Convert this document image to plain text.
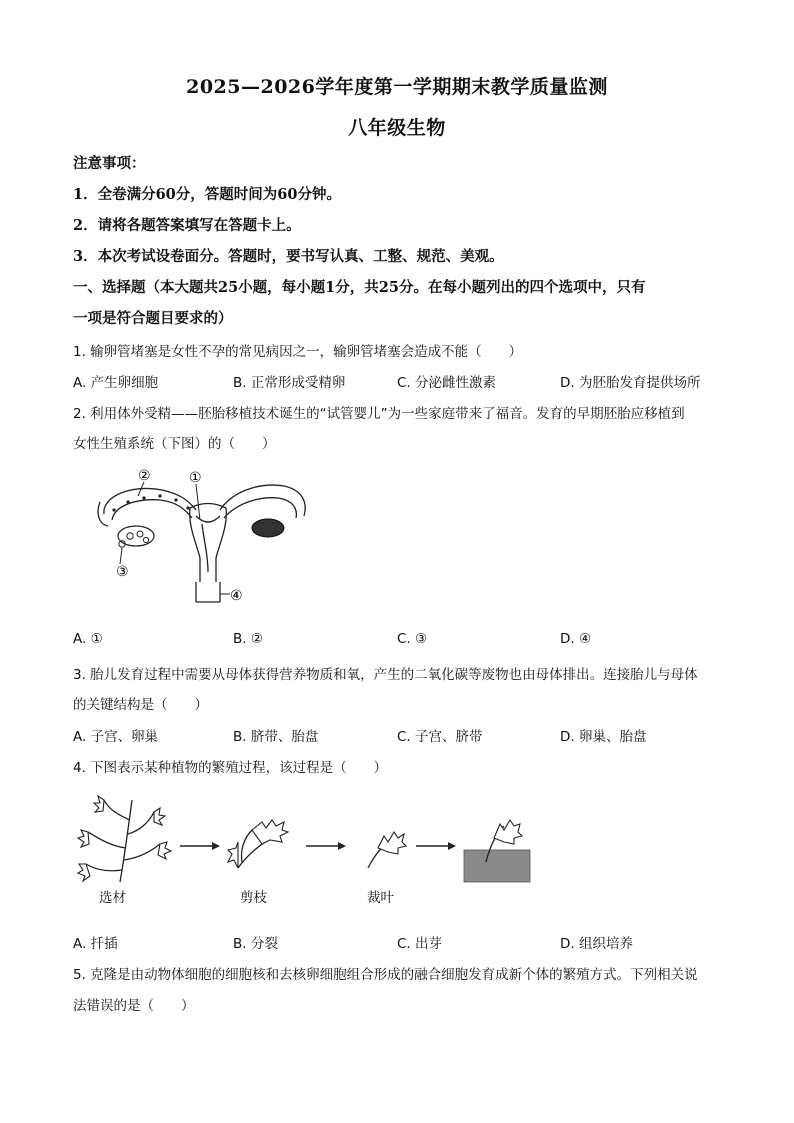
2025—2026学年度第一学期期末教学质量监测
八年级生物
注意事项：
1．全卷满分60分，答题时间为60分钟。
2．请将各题答案填写在答题卡上。
3．本次考试设卷面分。答题时，要书写认真、工整、规范、美观。
一、选择题（本大题共25小题，每小题1分，共25分。在每小题列出的四个选项中，只有
一项是符合题目要求的）
1. 输卵管堵塞是女性不孕的常见病因之一，输卵管堵塞会造成不能（　　）
A. 产生卵细胞	B. 正常形成受精卵	C. 分泌雌性激素	D. 为胚胎发育提供场所
2. 利用体外受精——胚胎移植技术诞生的“试管婴儿”为一些家庭带来了福音。发育的早期胚胎应移植到
女性生殖系统（下图）的（　　）
②	①
③
④
A. ①	B. ②	C. ③	D. ④
3. 胎儿发育过程中需要从母体获得营养物质和氧，产生的二氧化碳等废物也由母体排出。连接胎儿与母体
的关键结构是（　　）
A. 子宫、卵巢	B. 脐带、胎盘	C. 子宫、脐带	D. 卵巢、胎盘
4. 下图表示某种植物的繁殖过程，该过程是（　　）
选材	剪枝	裁叶
A. 扦插	B. 分裂	C. 出芽	D. 组织培养
5. 克隆是由动物体细胞的细胞核和去核卵细胞组合形成的融合细胞发育成新个体的繁殖方式。下列相关说
法错误的是（　　）
